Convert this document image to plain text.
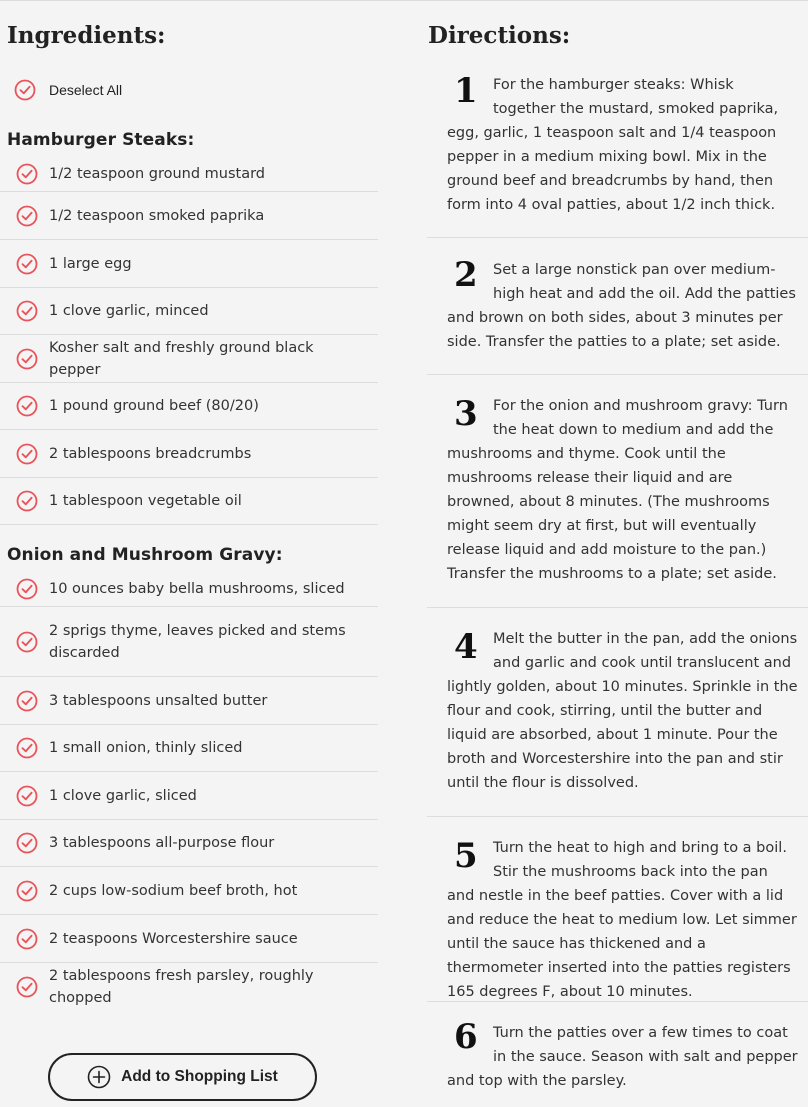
Ingredients:
Deselect All
Hamburger Steaks:
1/2 teaspoon ground mustard
1/2 teaspoon smoked paprika
1 large egg
1 clove garlic, minced
Kosher salt and freshly ground black pepper
1 pound ground beef (80/20)
2 tablespoons breadcrumbs
1 tablespoon vegetable oil
Onion and Mushroom Gravy:
10 ounces baby bella mushrooms, sliced
2 sprigs thyme, leaves picked and stems discarded
3 tablespoons unsalted butter
1 small onion, thinly sliced
1 clove garlic, sliced
3 tablespoons all-purpose flour
2 cups low-sodium beef broth, hot
2 teaspoons Worcestershire sauce
2 tablespoons fresh parsley, roughly chopped
Add to Shopping List
Directions:
1	For the hamburger steaks: Whisk together the mustard, smoked paprika, egg, garlic, 1 teaspoon salt and 1/4 teaspoon pepper in a medium mixing bowl. Mix in the ground beef and breadcrumbs by hand, then form into 4 oval patties, about 1/2 inch thick.

2	Set a large nonstick pan over medium-high heat and add the oil. Add the patties and brown on both sides, about 3 minutes per side. Transfer the patties to a plate; set aside.

3	For the onion and mushroom gravy: Turn the heat down to medium and add the mushrooms and thyme. Cook until the mushrooms release their liquid and are browned, about 8 minutes. (The mushrooms might seem dry at first, but will eventually release liquid and add moisture to the pan.) Transfer the mushrooms to a plate; set aside.

4	Melt the butter in the pan, add the onions and garlic and cook until translucent and lightly golden, about 10 minutes. Sprinkle in the flour and cook, stirring, until the butter and liquid are absorbed, about 1 minute. Pour the broth and Worcestershire into the pan and stir until the flour is dissolved.

5	Turn the heat to high and bring to a boil. Stir the mushrooms back into the pan and nestle in the beef patties. Cover with a lid and reduce the heat to medium low. Let simmer until the sauce has thickened and a thermometer inserted into the patties registers 165 degrees F, about 10 minutes.

6	Turn the patties over a few times to coat in the sauce. Season with salt and pepper and top with the parsley.
